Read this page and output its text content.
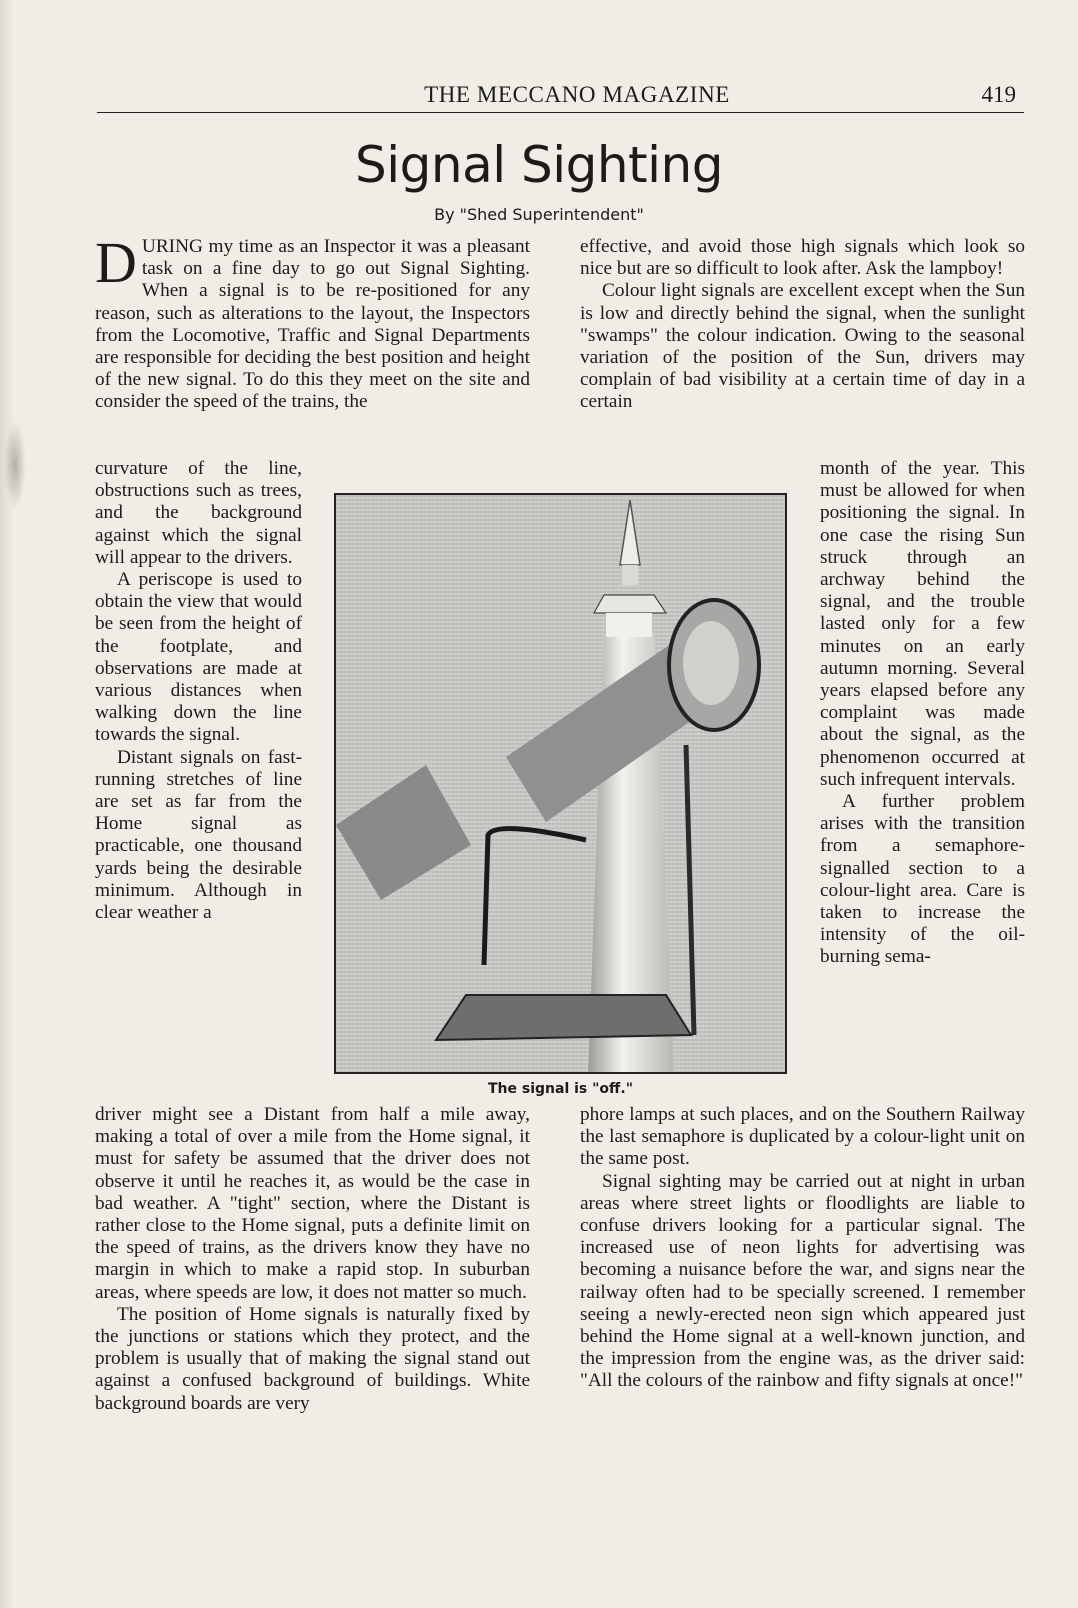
THE MECCANO MAGAZINE	419
Signal Sighting
By "Shed Superintendent"

DURING my time as an Inspector it was a pleasant task on a fine day to go out Signal Sighting. When a signal is to be re-positioned for any reason, such as alterations to the layout, the Inspectors from the Locomotive, Traffic and Signal Departments are responsible for deciding the best position and height of the new signal. To do this they meet on the site and consider the speed of the trains, the

curvature of the line, obstructions such as trees, and the background against which the signal will appear to the drivers.

A periscope is used to obtain the view that would be seen from the height of the footplate, and observations are made at various distances when walking down the line towards the signal.

Distant signals on fast-running stretches of line are set as far from the Home signal as practicable, one thousand yards being the desirable minimum. Although in clear weather a

driver might see a Distant from half a mile away, making a total of over a mile from the Home signal, it must for safety be assumed that the driver does not observe it until he reaches it, as would be the case in bad weather. A "tight" section, where the Distant is rather close to the Home signal, puts a definite limit on the speed of trains, as the drivers know they have no margin in which to make a rapid stop. In suburban areas, where speeds are low, it does not matter so much.

The position of Home signals is naturally fixed by the junctions or stations which they protect, and the problem is usually that of making the signal stand out against a confused background of buildings. White background boards are very

effective, and avoid those high signals which look so nice but are so difficult to look after. Ask the lampboy!

Colour light signals are excellent except when the Sun is low and directly behind the signal, when the sunlight "swamps" the colour indication. Owing to the seasonal variation of the position of the Sun, drivers may complain of bad visibility at a certain time of day in a certain

month of the year. This must be allowed for when positioning the signal. In one case the rising Sun struck through an archway behind the signal, and the trouble lasted only for a few minutes on an early autumn morning. Several years elapsed before any complaint was made about the signal, as the phenomenon occurred at such infrequent intervals.

A further problem arises with the transition from a semaphore-signalled section to a colour-light area. Care is taken to increase the intensity of the oil-burning sema-

phore lamps at such places, and on the Southern Railway the last semaphore is duplicated by a colour-light unit on the same post.

Signal sighting may be carried out at night in urban areas where street lights or floodlights are liable to confuse drivers looking for a particular signal. The increased use of neon lights for advertising was becoming a nuisance before the war, and signs near the railway often had to be specially screened. I remember seeing a newly-erected neon sign which appeared just behind the Home signal at a well-known junction, and the impression from the engine was, as the driver said: "All the colours of the rainbow and fifty signals at once!"

The signal is "off."
